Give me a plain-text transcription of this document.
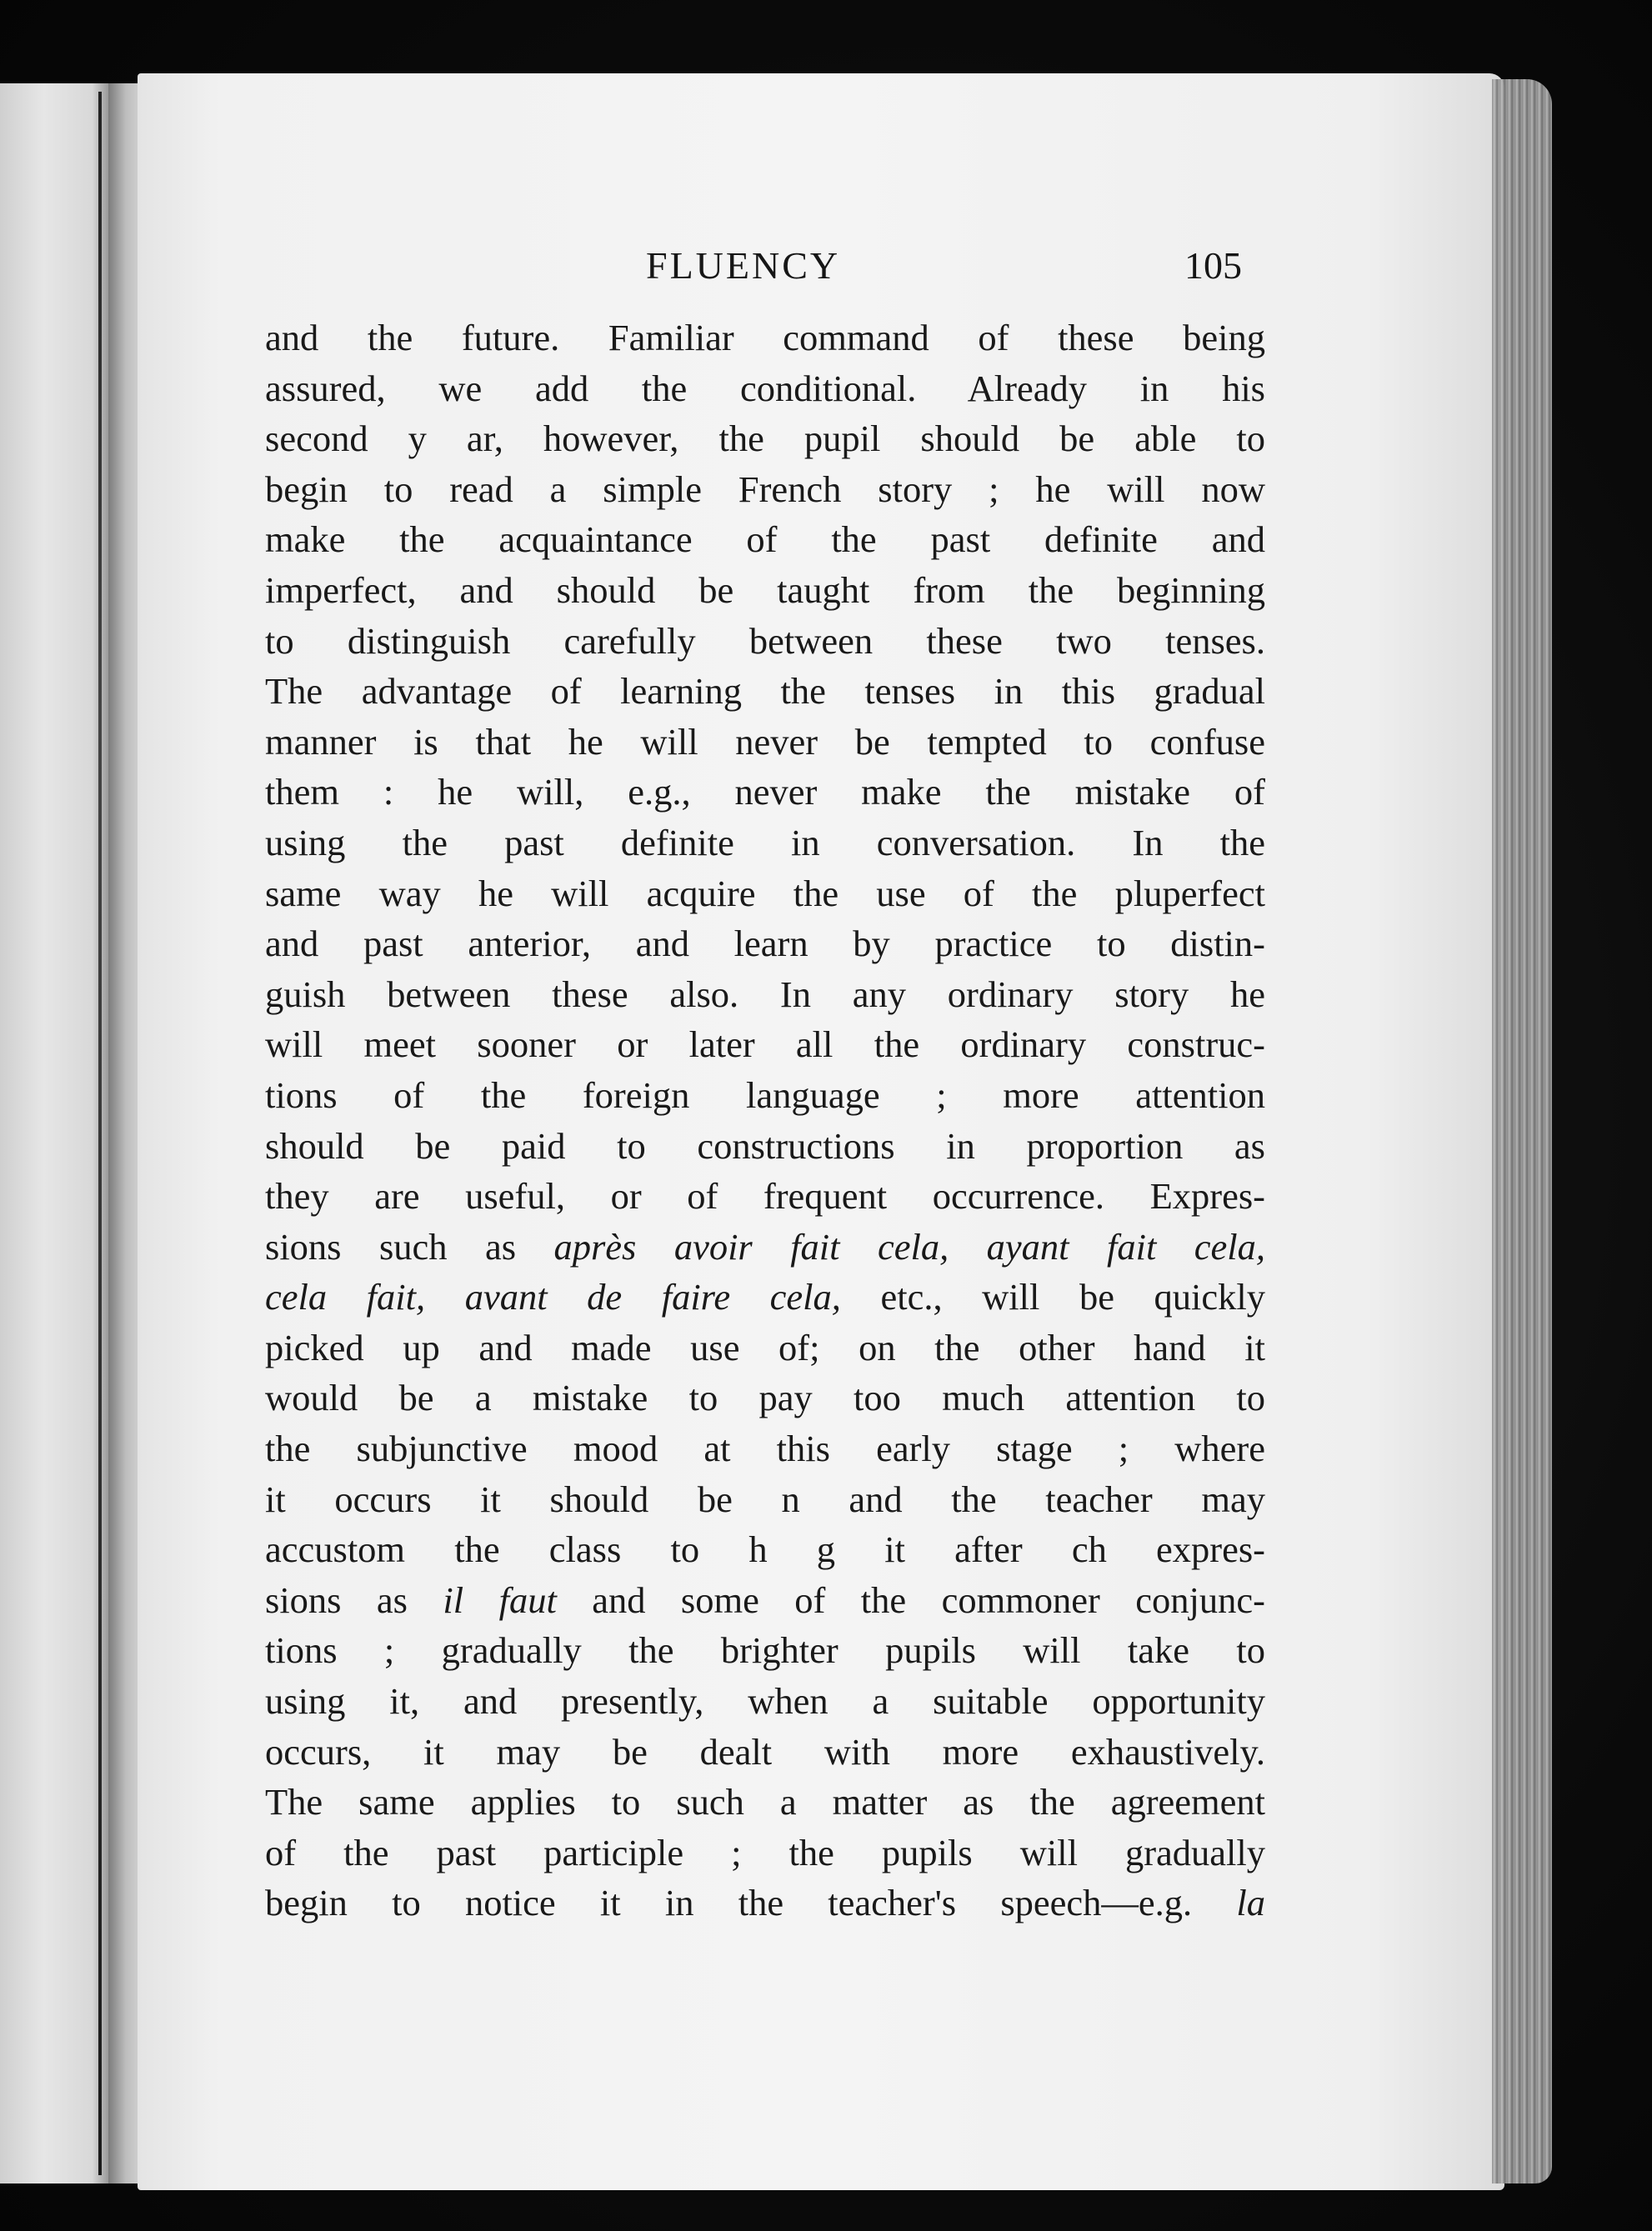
FLUENCY	105
and the future. Familiar command of these being
assured, we add the conditional. Already in his
second y ar, however, the pupil should be able to
begin to read a simple French story ; he will now
make the acquaintance of the past definite and
imperfect, and should be taught from the beginning
to distinguish carefully between these two tenses.
The advantage of learning the tenses in this gradual
manner is that he will never be tempted to confuse
them : he will, e.g., never make the mistake of
using the past definite in conversation. In the
same way he will acquire the use of the pluperfect
and past anterior, and learn by practice to distin-
guish between these also. In any ordinary story he
will meet sooner or later all the ordinary construc-
tions of the foreign language ; more attention
should be paid to constructions in proportion as
they are useful, or of frequent occurrence. Expres-
sions such as après avoir fait cela, ayant fait cela,
cela fait, avant de faire cela, etc., will be quickly
picked up and made use of; on the other hand it
would be a mistake to pay too much attention to
the subjunctive mood at this early stage ; where
it occurs it should be n and the teacher may
accustom the class to h g it after ch expres-
sions as il faut and some of the commoner conjunc-
tions ; gradually the brighter pupils will take to
using it, and presently, when a suitable opportunity
occurs, it may be dealt with more exhaustively.
The same applies to such a matter as the agreement
of the past participle ; the pupils will gradually
begin to notice it in the teacher's speech—e.g. la
